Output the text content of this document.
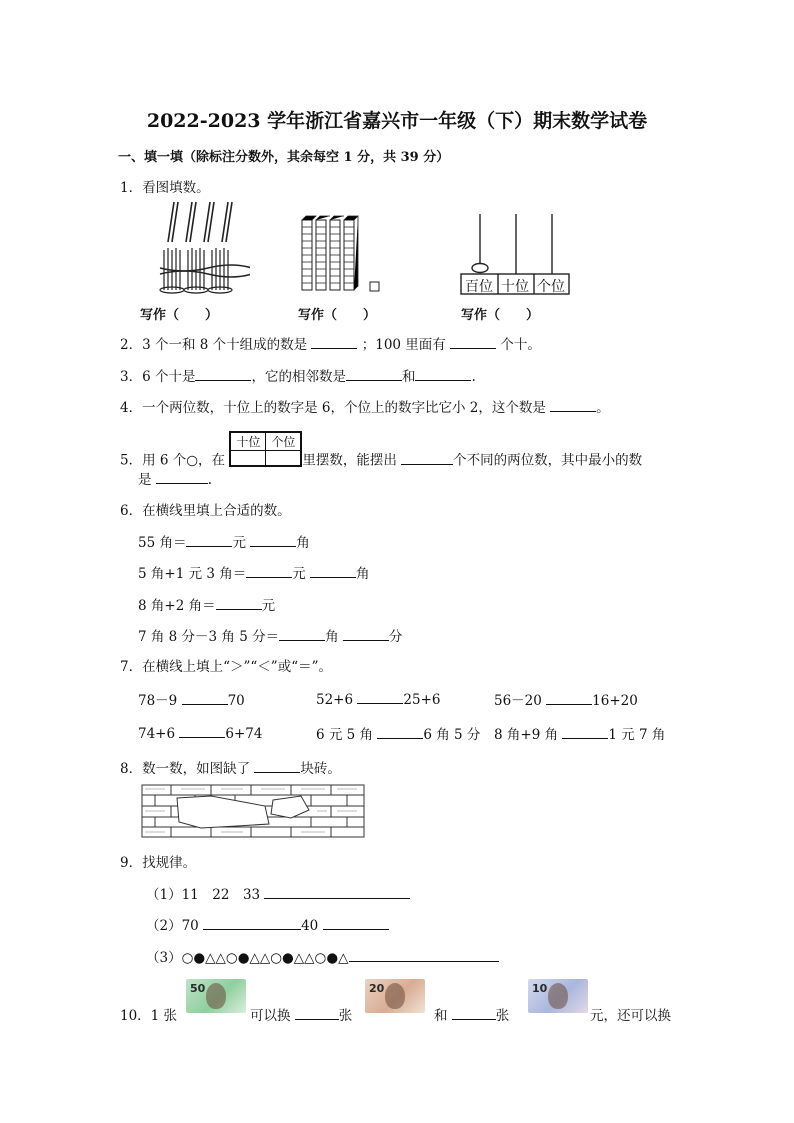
2022-2023 学年浙江省嘉兴市一年级（下）期末数学试卷
一、填一填（除标注分数外，其余每空 1 分，共 39 分）
1．看图填数。
百位 十位 个位
写作（　　）	写作（　　）	写作（　　）
2．3 个一和 8 个十组成的数是	；100 里面有	个十。
3．6 个十是	，它的相邻数是	和	.
4．一个两位数，十位上的数字是 6，个位上的数字比它小 2，这个数是	。
5．用 6 个○，在
十位	个位

里摆数，能摆出	个不同的两位数，其中最小的数
是	.
6．在横线里填上合适的数。
55 角＝	元	角
5 角+1 元 3 角＝	元	角
8 角+2 角＝	元
7 角 8 分－3 角 5 分＝	角	分
7．在横线上填上“＞”“＜”或“＝”。
78－9	70	52+6	25+6	56－20	16+20
74+6	6+74	6 元 5 角	6 角 5 分 8 角+9 角	1 元 7 角
8．数一数，如图缺了	块砖。
9．找规律。
（1）11　22　33
（2）70	40
（3）○●△△○●△△○●△△○●△
50	20	10
10．1 张	可以换	张	和	张	元，还可以换
